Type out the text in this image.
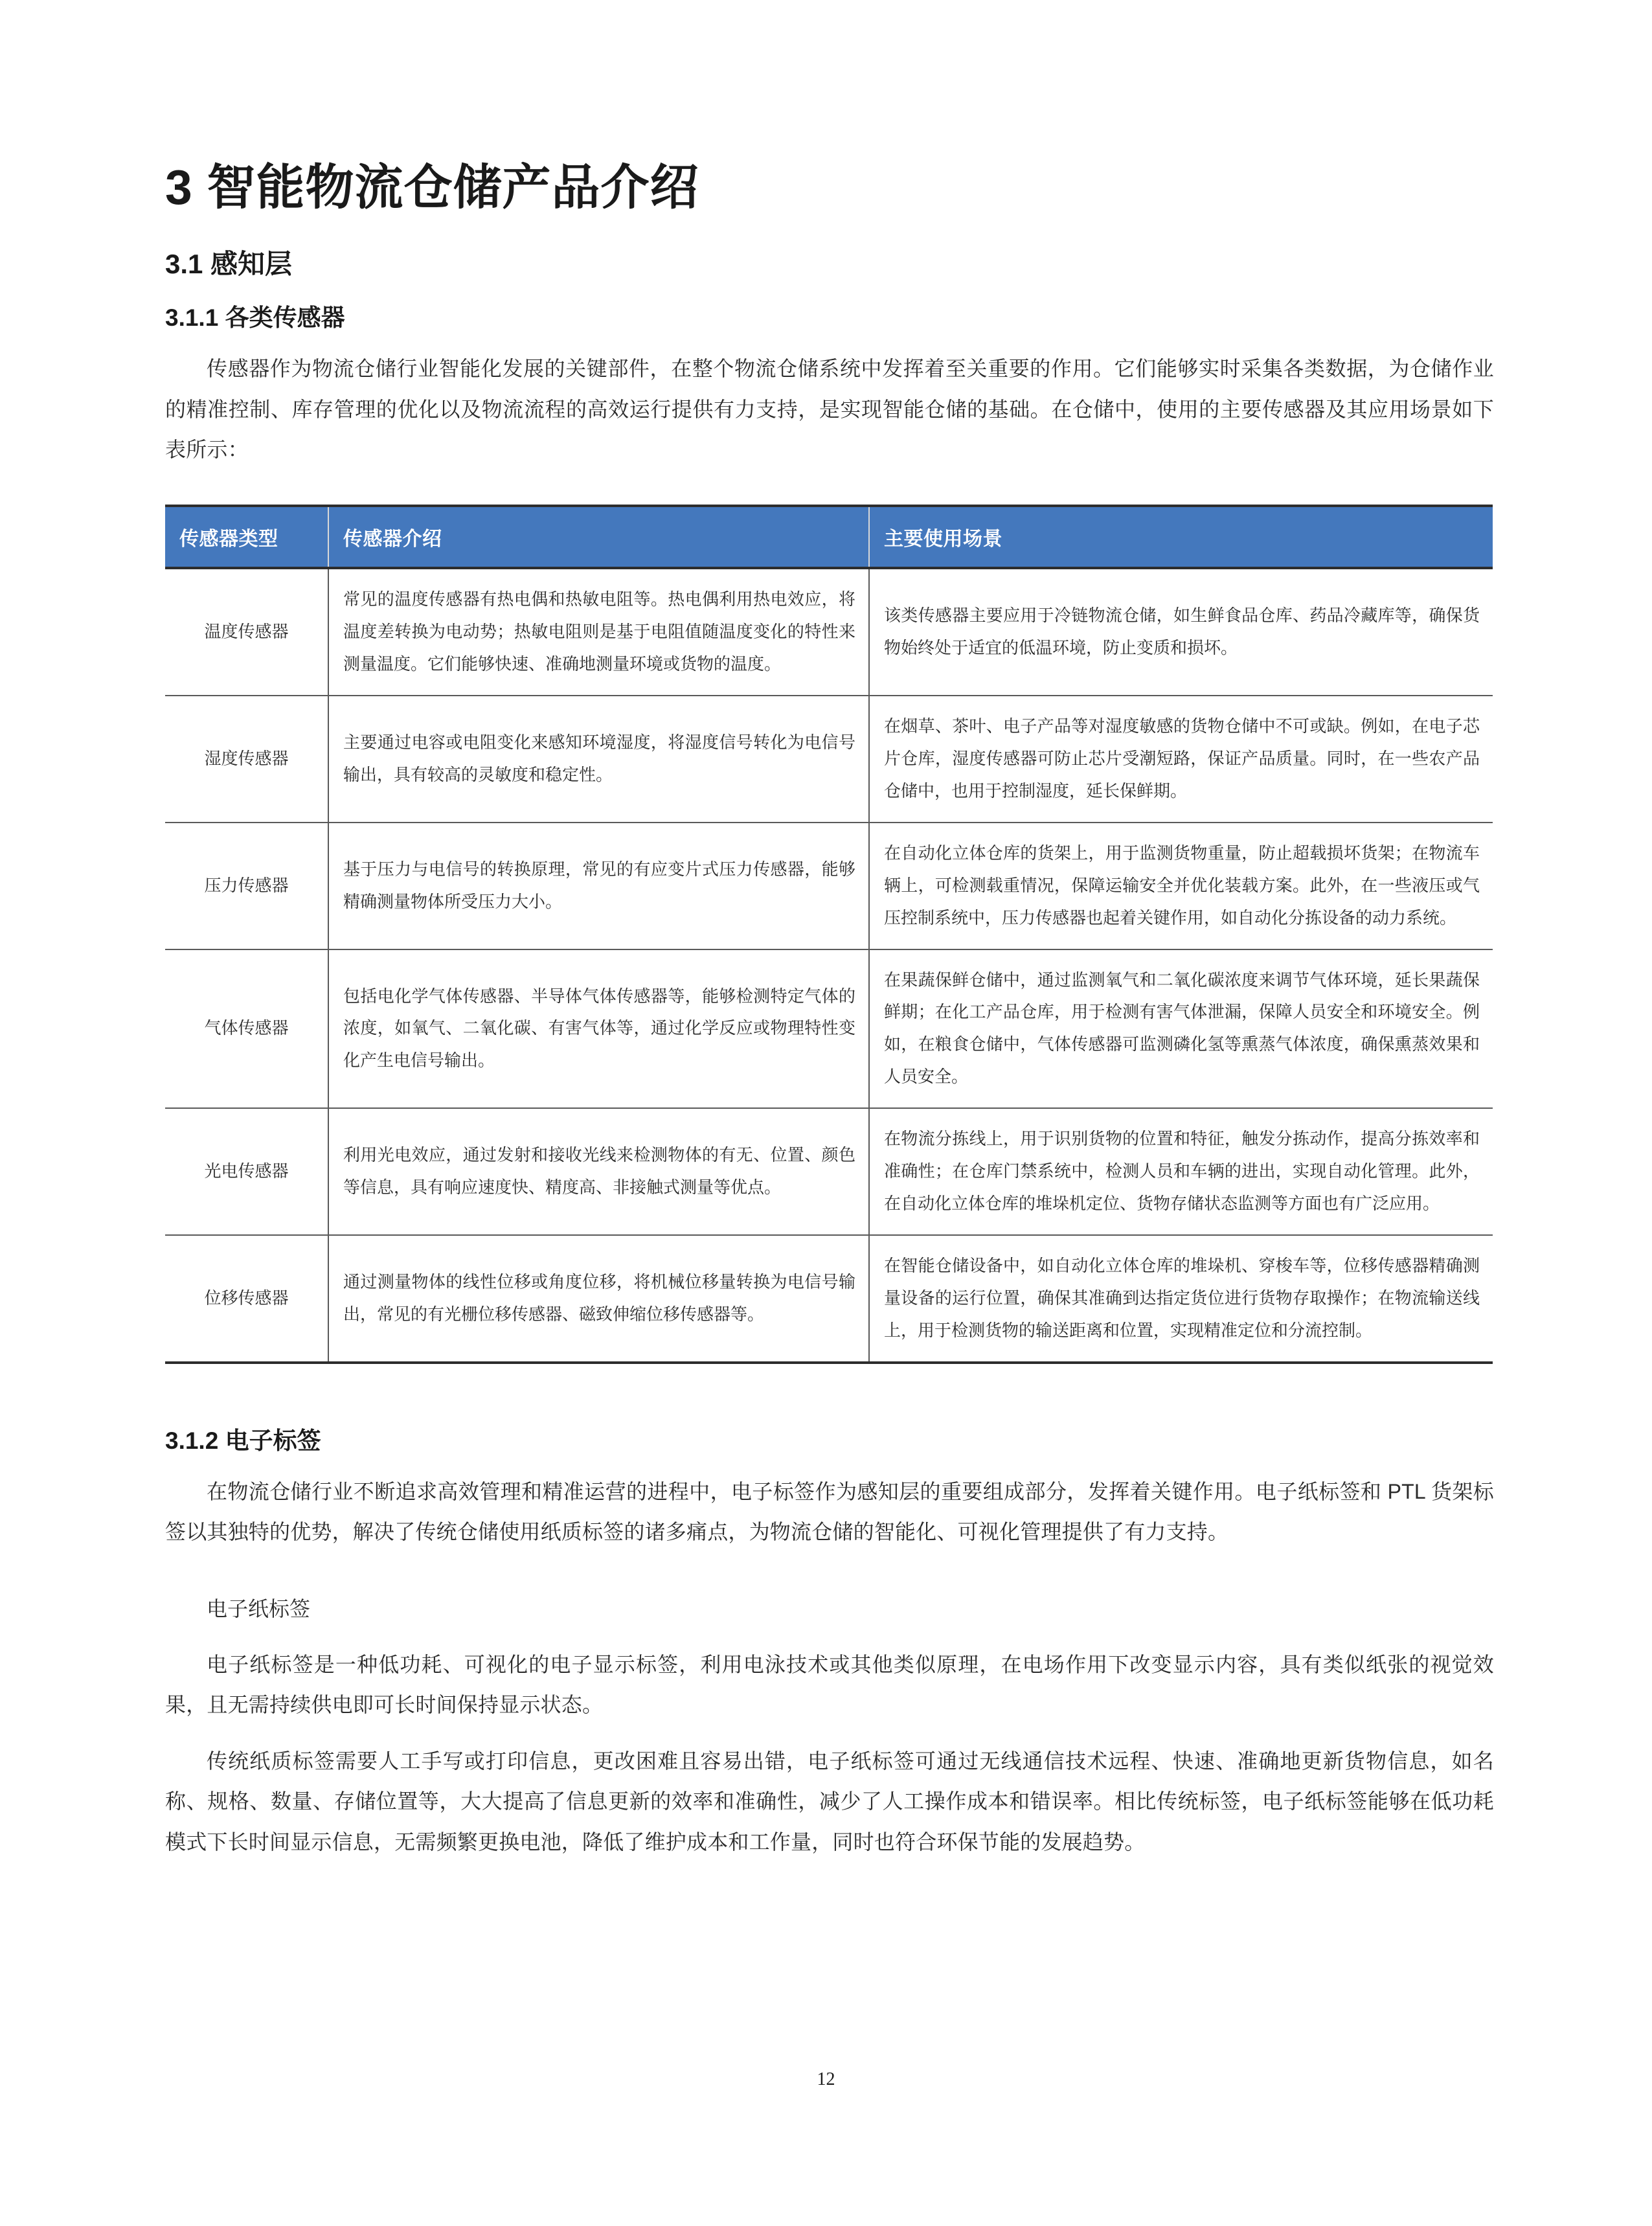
3 智能物流仓储产品介绍
3.1 感知层
3.1.1 各类传感器

传感器作为物流仓储行业智能化发展的关键部件，在整个物流仓储系统中发挥着至关重要的作用。它们能够实时采集各类数据，为仓储作业的精准控制、库存管理的优化以及物流流程的高效运行提供有力支持，是实现智能仓储的基础。在仓储中，使用的主要传感器及其应用场景如下表所示：

传感器类型	传感器介绍	主要使用场景
温度传感器	常见的温度传感器有热电偶和热敏电阻等。热电偶利用热电效应，将温度差转换为电动势；热敏电阻则是基于电阻值随温度变化的特性来测量温度。它们能够快速、准确地测量环境或货物的温度。	该类传感器主要应用于冷链物流仓储，如生鲜食品仓库、药品冷藏库等，确保货物始终处于适宜的低温环境，防止变质和损坏。
湿度传感器	主要通过电容或电阻变化来感知环境湿度，将湿度信号转化为电信号输出，具有较高的灵敏度和稳定性。	在烟草、茶叶、电子产品等对湿度敏感的货物仓储中不可或缺。例如，在电子芯片仓库，湿度传感器可防止芯片受潮短路，保证产品质量。同时，在一些农产品仓储中，也用于控制湿度，延长保鲜期。
压力传感器	基于压力与电信号的转换原理，常见的有应变片式压力传感器，能够精确测量物体所受压力大小。	在自动化立体仓库的货架上，用于监测货物重量，防止超载损坏货架；在物流车辆上，可检测载重情况，保障运输安全并优化装载方案。此外，在一些液压或气压控制系统中，压力传感器也起着关键作用，如自动化分拣设备的动力系统。
气体传感器	包括电化学气体传感器、半导体气体传感器等，能够检测特定气体的浓度，如氧气、二氧化碳、有害气体等，通过化学反应或物理特性变化产生电信号输出。	在果蔬保鲜仓储中，通过监测氧气和二氧化碳浓度来调节气体环境，延长果蔬保鲜期；在化工产品仓库，用于检测有害气体泄漏，保障人员安全和环境安全。例如，在粮食仓储中，气体传感器可监测磷化氢等熏蒸气体浓度，确保熏蒸效果和人员安全。
光电传感器	利用光电效应，通过发射和接收光线来检测物体的有无、位置、颜色等信息，具有响应速度快、精度高、非接触式测量等优点。	在物流分拣线上，用于识别货物的位置和特征，触发分拣动作，提高分拣效率和准确性；在仓库门禁系统中，检测人员和车辆的进出，实现自动化管理。此外，在自动化立体仓库的堆垛机定位、货物存储状态监测等方面也有广泛应用。
位移传感器	通过测量物体的线性位移或角度位移，将机械位移量转换为电信号输出，常见的有光栅位移传感器、磁致伸缩位移传感器等。	在智能仓储设备中，如自动化立体仓库的堆垛机、穿梭车等，位移传感器精确测量设备的运行位置，确保其准确到达指定货位进行货物存取操作；在物流输送线上，用于检测货物的输送距离和位置，实现精准定位和分流控制。
3.1.2 电子标签

在物流仓储行业不断追求高效管理和精准运营的进程中，电子标签作为感知层的重要组成部分，发挥着关键作用。电子纸标签和 PTL 货架标签以其独特的优势，解决了传统仓储使用纸质标签的诸多痛点，为物流仓储的智能化、可视化管理提供了有力支持。

电子纸标签

电子纸标签是一种低功耗、可视化的电子显示标签，利用电泳技术或其他类似原理，在电场作用下改变显示内容，具有类似纸张的视觉效果，且无需持续供电即可长时间保持显示状态。

传统纸质标签需要人工手写或打印信息，更改困难且容易出错，电子纸标签可通过无线通信技术远程、快速、准确地更新货物信息，如名称、规格、数量、存储位置等，大大提高了信息更新的效率和准确性，减少了人工操作成本和错误率。相比传统标签，电子纸标签能够在低功耗模式下长时间显示信息，无需频繁更换电池，降低了维护成本和工作量，同时也符合环保节能的发展趋势。

12
